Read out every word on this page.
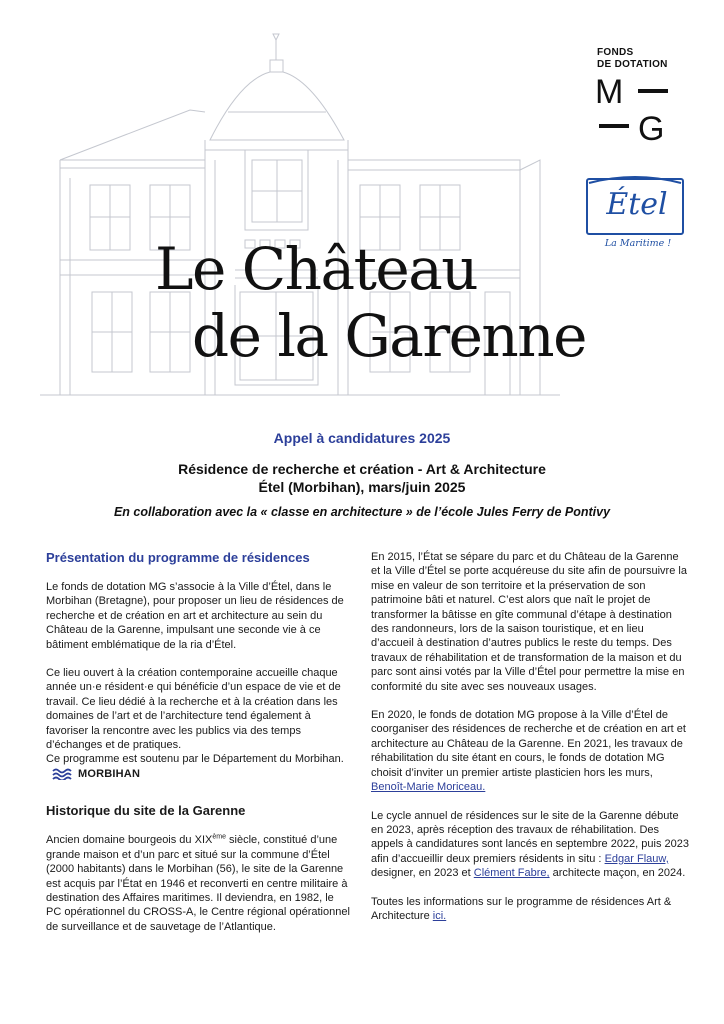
Le Château
de la Garenne
FONDS
DE DOTATION
M
G
Étel
La Maritime !
Appel à candidatures 2025
Résidence de recherche et création - Art & Architecture
Étel (Morbihan), mars/juin 2025
En collaboration avec la « classe en architecture » de l’école Jules Ferry de Pontivy
Présentation du programme de résidences

Le fonds de dotation MG s’associe à la Ville d’Étel, dans le Morbihan (Bretagne), pour proposer un lieu de résidences de recherche et de création en art et architecture au sein du Château de la Garenne, impulsant une seconde vie à ce bâtiment emblématique de la ria d’Étel.

Ce lieu ouvert à la création contemporaine accueille chaque année un·e résident·e qui bénéficie d’un espace de vie et de travail. Ce lieu dédié à la recherche et à la création dans les domaines de l’art et de l’architecture tend également à favoriser la rencontre avec les publics via des temps d’échanges et de pratiques.
Ce programme est soutenu par le Département du Morbihan.
MORBIHAN

Historique du site de la Garenne

Ancien domaine bourgeois du XIXème siècle, constitué d’une grande maison et d’un parc et situé sur la commune d’Étel (2000 habitants) dans le Morbihan (56), le site de la Garenne est acquis par l’État en 1946 et reconverti en centre militaire à destination des Affaires maritimes. Il deviendra, en 1982, le PC opérationnel du CROSS-A, le Centre régional opérationnel de surveillance et de sauvetage de l’Atlantique.

En 2015, l’État se sépare du parc et du Château de la Garenne et la Ville d’Étel se porte acquéreuse du site afin de poursuivre la mise en valeur de son territoire et la préservation de son patrimoine bâti et naturel. C’est alors que naît le projet de transformer la bâtisse en gîte communal d’étape à destination des randonneurs, lors de la saison touristique, et en lieu d’accueil à destination d’autres publics le reste du temps. Des travaux de réhabilitation et de transformation de la maison et du parc sont ainsi votés par la Ville d’Étel pour permettre la mise en conformité du site avec ses nouveaux usages.

En 2020, le fonds de dotation MG propose à la Ville d’Étel de coorganiser des résidences de recherche et de création en art et architecture au Château de la Garenne. En 2021, les travaux de réhabilitation du site étant en cours, le fonds de dotation MG choisit d’inviter un premier artiste plasticien hors les murs, Benoît-Marie Moriceau.

Le cycle annuel de résidences sur le site de la Garenne débute en 2023, après réception des travaux de réhabilitation. Des appels à candidatures sont lancés en septembre 2022, puis 2023 afin d’accueillir deux premiers résidents in situ : Edgar Flauw, designer, en 2023 et Clément Fabre, architecte maçon, en 2024.

Toutes les informations sur le programme de résidences Art & Architecture ici.
